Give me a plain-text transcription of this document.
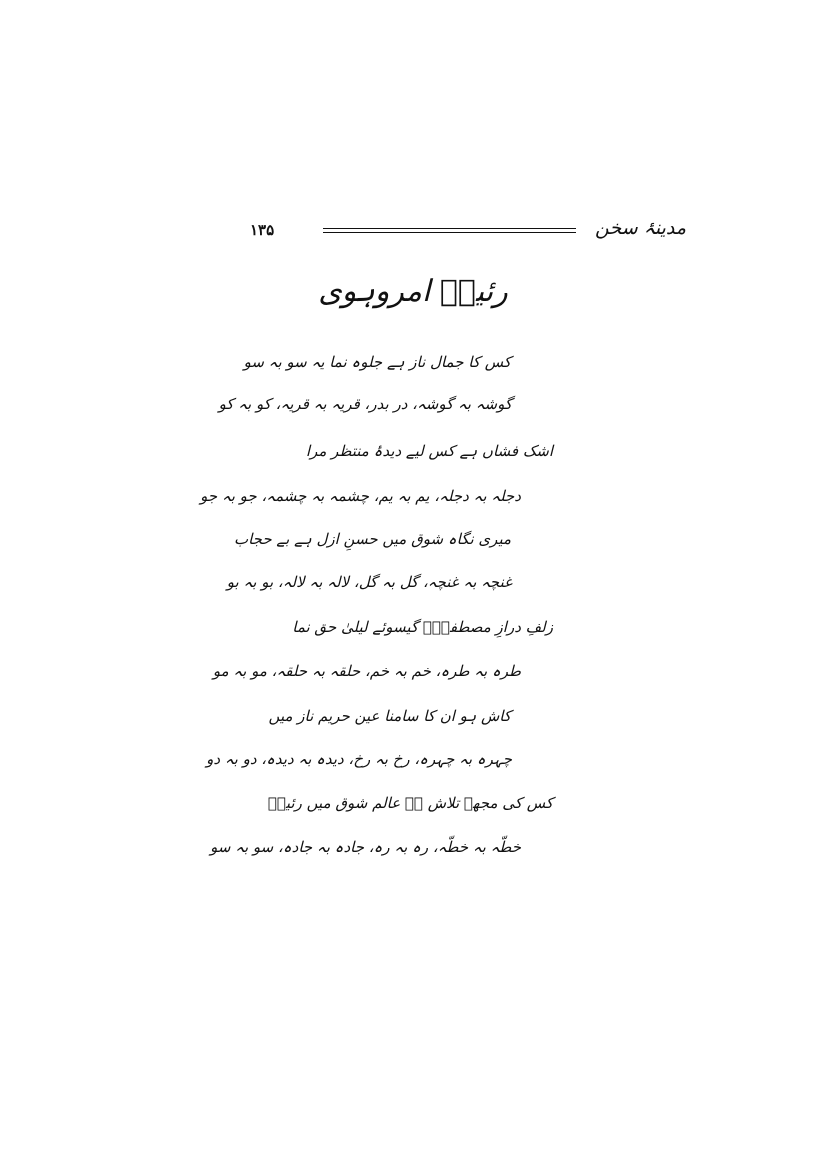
۱۳۵	مدینۂ سخن
رئیسؔ امروہوی
کس کا جمال ناز ہے جلوہ نما یہ سو بہ سو
گوشہ بہ گوشہ، در بدر، قریہ بہ قریہ، کو بہ کو
اشک فشاں ہے کس لیے دیدۂ منتظر مرا
دجلہ بہ دجلہ، یم بہ یم، چشمہ بہ چشمہ، جو بہ جو
میری نگاہ شوق میں حسنِ ازل ہے بے حجاب
غنچہ بہ غنچہ، گل بہ گل، لالہ بہ لالہ، بو بہ بو
زلفِ درازِ مصطفیٰؐ گیسوئے لیلیٰ حق نما
طرہ بہ طرہ، خم بہ خم، حلقہ بہ حلقہ، مو بہ مو
کاش ہو ان کا سامنا عین حریم ناز میں
چہرہ بہ چہرہ، رخ بہ رخ، دیدہ بہ دیدہ، دو بہ دو
کس کی مجھے تلاش ہے عالم شوق میں رئیسؔ
خطّہ بہ خطّہ، رہ بہ رہ، جادہ بہ جادہ، سو بہ سو
